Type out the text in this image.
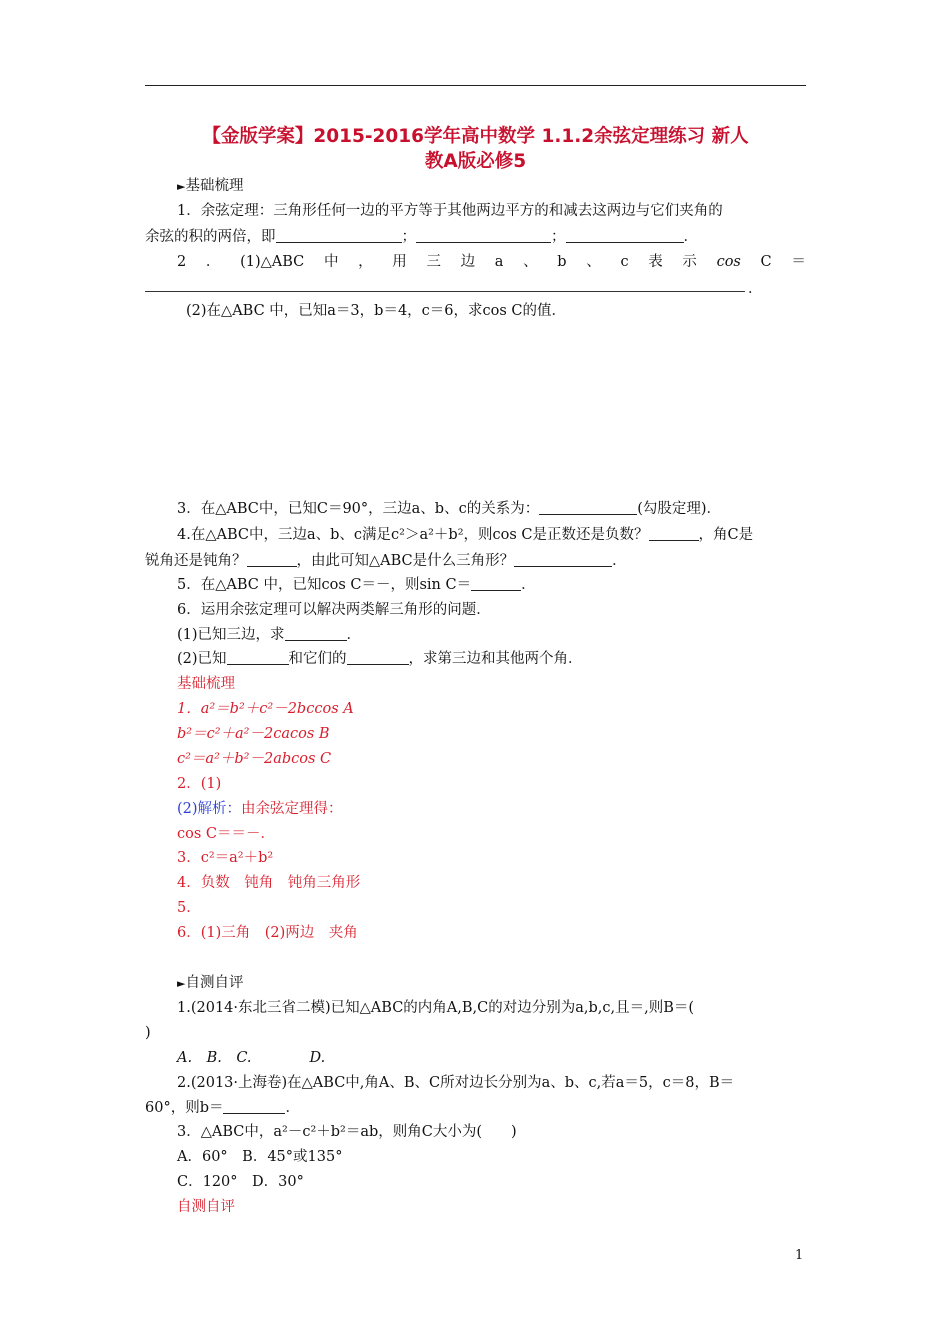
【金版学案】2015-2016学年高中数学 1.1.2余弦定理练习 新人
教A版必修5
►基础梳理
1．余弦定理：三角形任何一边的平方等于其他两边平方的和减去这两边与它们夹角的
余弦的积的两倍，即	；	；	．
2 ． (1)△ABC 中 ， 用 三 边 a 、 b 、 c 表 示 cos C ＝
．
(2)在△ABC 中，已知a＝3，b＝4，c＝6，求cos C的值．
3．在△ABC中，已知C＝90°，三边a、b、c的关系为：	(勾股定理)．
4.在△ABC中，三边a、b、c满足c²＞a²＋b²，则cos C是正数还是负数？	，角C是
锐角还是钝角？	，由此可知△ABC是什么三角形？	．
5．在△ABC 中，已知cos C＝－，则sin C＝	．
6．运用余弦定理可以解决两类解三角形的问题．
(1)已知三边，求	．
(2)已知	和它们的	，求第三边和其他两个角．
基础梳理
1．a²＝b²＋c²－2bccos A
b²＝c²＋a²－2cacos B
c²＝a²＋b²－2abcos C
2．(1)
(2)解析：由余弦定理得：
cos C＝＝－．
3．c²＝a²＋b²
4．负数　钝角　钝角三角形
5．
6．(1)三角　(2)两边　夹角
►自测自评
1.(2014·东北三省二模)已知△ABC的内角A,B,C的对边分别为a,b,c,且＝,则B＝(
)
A.　B.　C.　　　　D.
2.(2013·上海卷)在△ABC中,角A、B、C所对边长分别为a、b、c,若a＝5，c＝8，B＝
60°，则b＝	．
3．△ABC中，a²－c²＋b²＝ab，则角C大小为(　　)
A．60°　B．45°或135°
C．120°　D．30°
自测自评
1
